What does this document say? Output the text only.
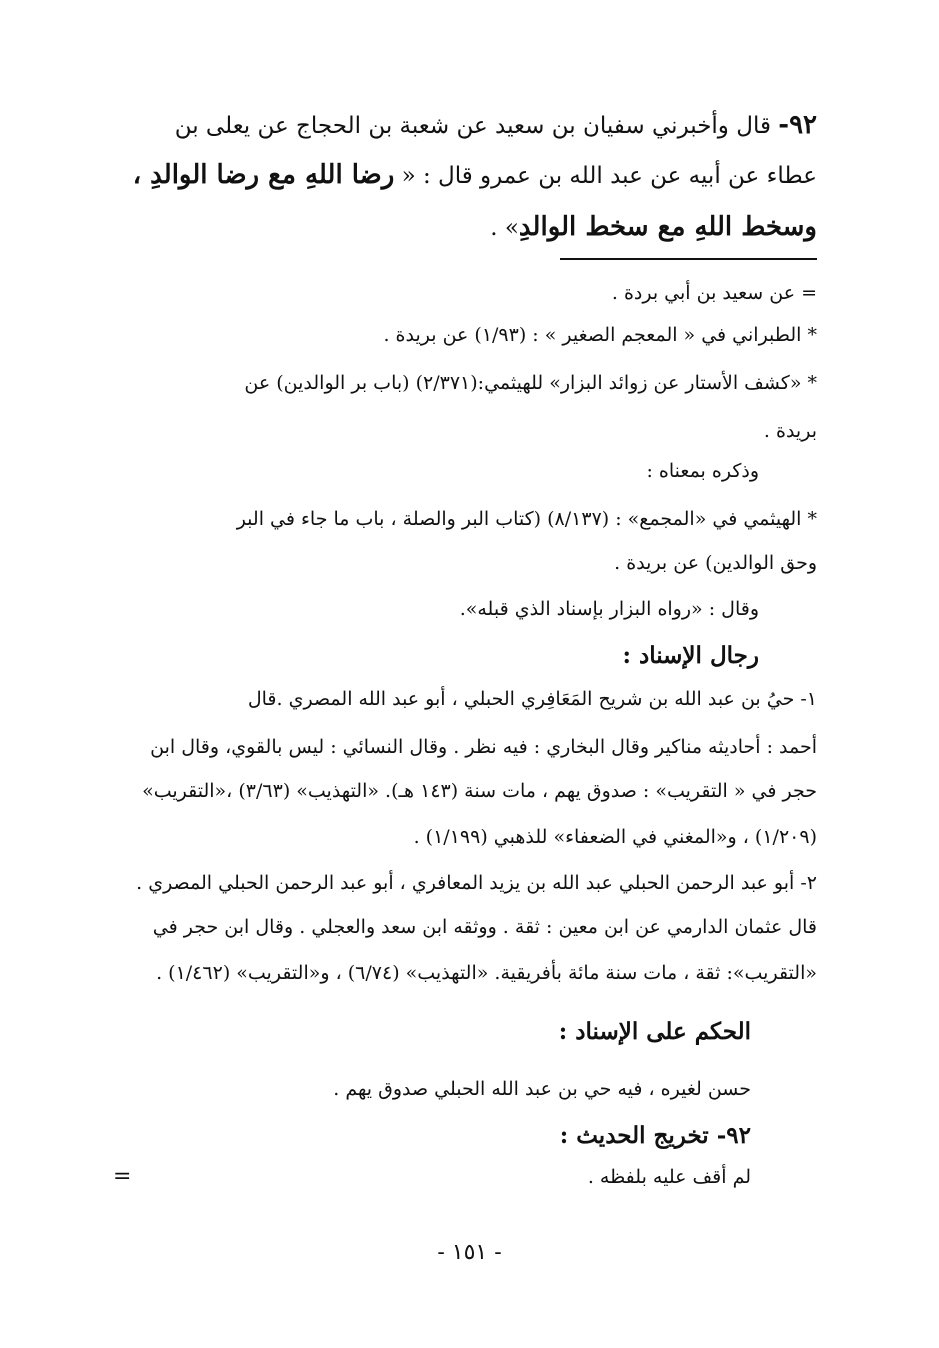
٩٢- قال وأخبرني سفيان بن سعيد عن شعبة بن الحجاج عن يعلى بن
عطاء عن أبيه عن عبد الله بن عمرو قال : « رضا اللهِ مع رضا الوالدِ ،
وسخط اللهِ مع سخط الوالدِ» .
= عن سعيد بن أبي بردة .
* الطبراني في « المعجم الصغير » : (١/٩٣) عن بريدة .
* «كشف الأستار عن زوائد البزار» للهيثمي:(٢/٣٧١) (باب بر الوالدين) عن
بريدة .
وذكره بمعناه :
* الهيثمي في «المجمع» : (٨/١٣٧) (كتاب البر والصلة ، باب ما جاء في البر
وحق الوالدين) عن بريدة .
وقال : «رواه البزار بإسناد الذي قبله».
رجال الإسناد :
١- حيُ بن عبد الله بن شريح المَعَافِري الحبلي ، أبو عبد الله المصري .قال
أحمد : أحاديثه مناكير وقال البخاري : فيه نظر . وقال النسائي : ليس بالقوي، وقال ابن
حجر في « التقريب» : صدوق يهم ، مات سنة (١٤٣ هـ). «التهذيب» (٣/٦٣) ،«التقريب»
(١/٢٠٩) ، و«المغني في الضعفاء» للذهبي (١/١٩٩) .
٢- أبو عبد الرحمن الحبلي عبد الله بن يزيد المعافري ، أبو عبد الرحمن الحبلي المصري .
قال عثمان الدارمي عن ابن معين : ثقة . ووثقه ابن سعد والعجلي . وقال ابن حجر في
«التقريب»: ثقة ، مات سنة مائة بأفريقية. «التهذيب» (٦/٧٤) ، و«التقريب» (١/٤٦٢) .
الحكم على الإسناد :
حسن لغيره ، فيه حي بن عبد الله الحبلي صدوق يهم .
٩٢- تخريج الحديث :
لم أقف عليه بلفظه .
=
- ١٥١ -
